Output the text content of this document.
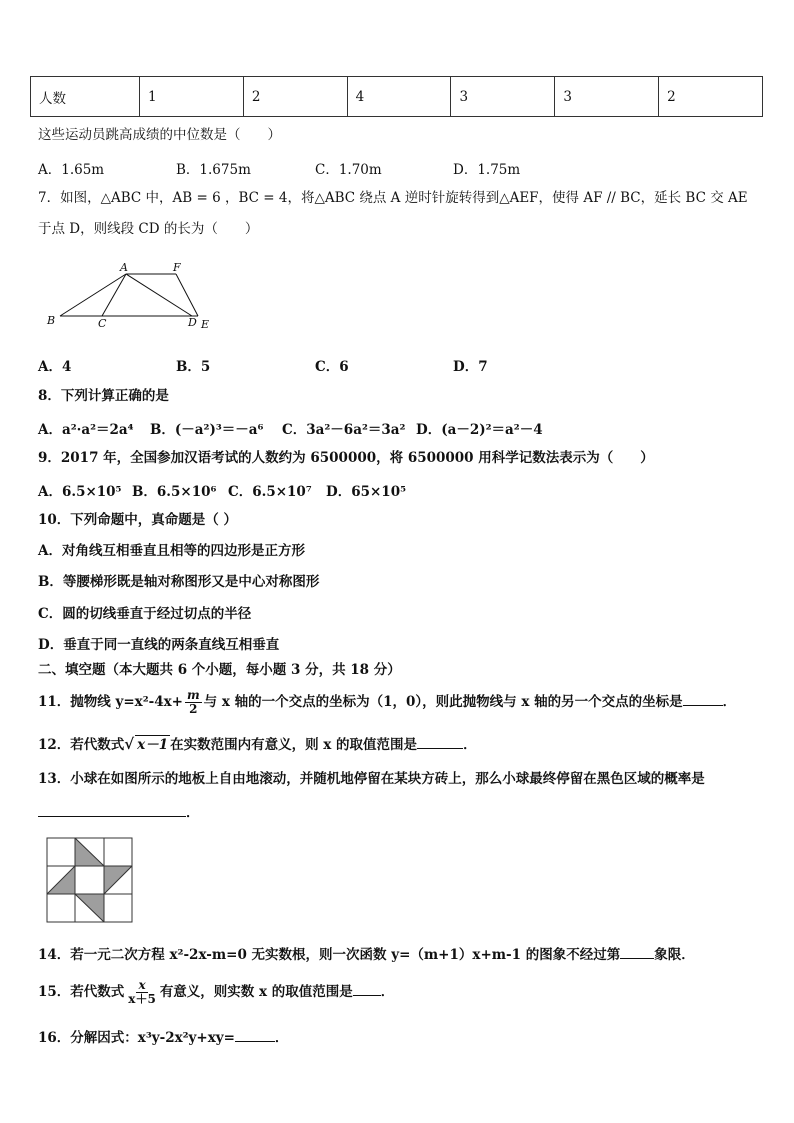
人数	1	2	4	3	3	2
这些运动员跳高成绩的中位数是（　　）
A．1.65m	B．1.675m	C．1.70m	D．1.75m
7．如图，△ABC 中，AB = 6 ，BC = 4，将△ABC 绕点 A 逆时针旋转得到△AEF，使得 AF // BC，延长 BC 交 AE
于点 D，则线段 CD 的长为（　　）
A	F
B	C	D E
A．4	B．5	C．6	D．7
8．下列计算正确的是
A．a²·a²＝2a⁴ B．(－a²)³＝－a⁶ C．3a²－6a²＝3a² D．(a－2)²＝a²－4
9．2017 年，全国参加汉语考试的人数约为 6500000，将 6500000 用科学记数法表示为（　　）
A．6.5×10⁵ B．6.5×10⁶ C．6.5×10⁷ D．65×10⁵
10．下列命题中，真命题是（ ）
A．对角线互相垂直且相等的四边形是正方形
B．等腰梯形既是轴对称图形又是中心对称图形
C．圆的切线垂直于经过切点的半径
D．垂直于同一直线的两条直线互相垂直
二、填空题（本大题共 6 个小题，每小题 3 分，共 18 分）
11．抛物线 $y=x^2-4x+ \frac{m}{2}$ 与 x 轴的一个交点的坐标为（1，0），则此抛物线与 x 轴的另一个交点的坐标是	．
12．若代数式√ x－1 在实数范围内有意义，则 x 的取值范围是	．
13．小球在如图所示的地板上自由地滚动，并随机地停留在某块方砖上，那么小球最终停留在黑色区域的概率是
．
14．若一元二次方程 x²-2x-m=0 无实数根，则一次函数 y=（m+1）x+m-1 的图象不经过第	象限．
15．若代数式 $\frac{x}{x+5}$ 有意义，则实数 x 的取值范围是 ．
16．分解因式：x³y-2x²y+xy=	．
